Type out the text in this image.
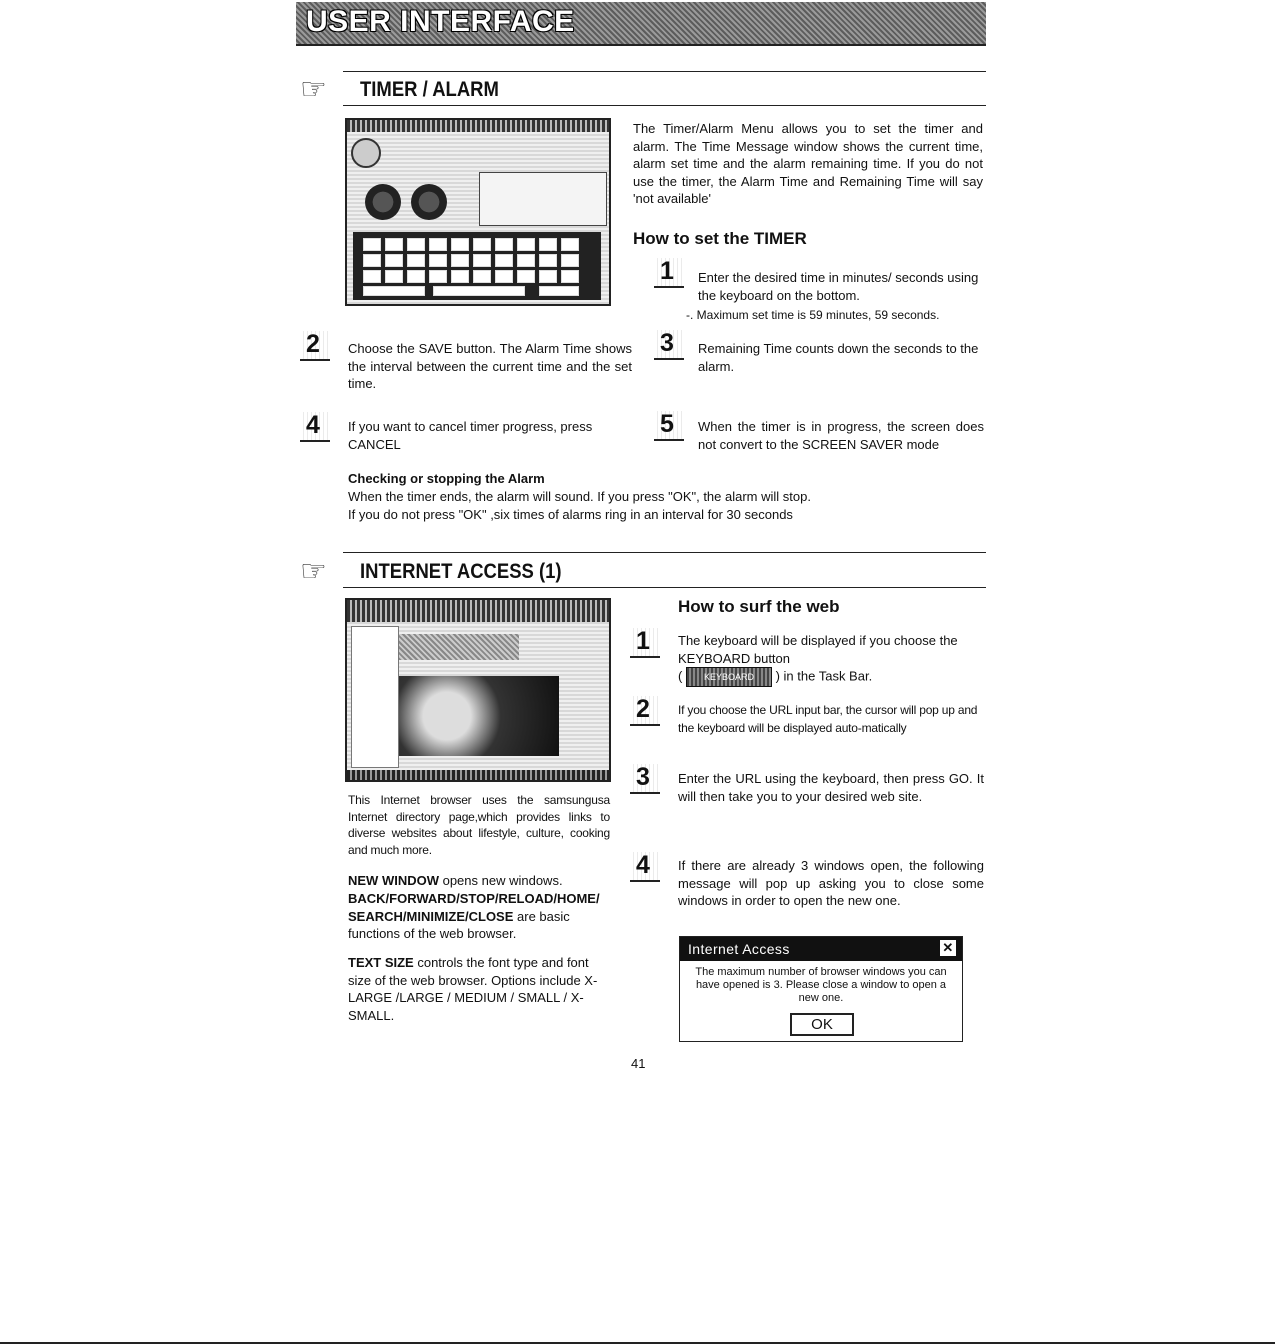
USER INTERFACE
☞ TIMER / ALARM
The Timer/Alarm Menu allows you to set the timer and alarm. The Time Message window shows the current time, alarm set time and the alarm remaining time. If you do not use the timer, the Alarm Time and Remaining Time will say 'not available'
How to set the TIMER
1	Enter the desired time in minutes/ seconds using the keyboard on the bottom.
-. Maximum set time is 59 minutes, 59 seconds.
2	Choose the SAVE button. The Alarm Time shows the interval between the current time and the set time.
3	Remaining Time counts down the seconds to the alarm.
4	If you want to cancel timer progress, press CANCEL
5	When the timer is in progress, the screen does not convert to the SCREEN SAVER mode
Checking or stopping the Alarm
When the timer ends, the alarm will sound. If you press "OK", the alarm will stop.
If you do not press "OK" ,six times of alarms ring in an interval for 30 seconds
☞ INTERNET ACCESS (1)
This Internet browser uses the samsungusa Internet directory page,which provides links to diverse websites about lifestyle, culture, cooking and much more.
NEW WINDOW opens new windows.
BACK/FORWARD/STOP/RELOAD/HOME/ SEARCH/MINIMIZE/CLOSE are basic functions of the web browser.
TEXT SIZE controls the font type and font size of the web browser. Options include X-LARGE /LARGE / MEDIUM / SMALL / X-SMALL.
How to surf the web
1	The keyboard will be displayed if you choose the KEYBOARD button
( KEYBOARD ) in the Task Bar.
2	If you choose the URL input bar, the cursor will pop up and the keyboard will be displayed auto-matically
3	Enter the URL using the keyboard, then press GO. It will then take you to your desired web site.
4	If there are already 3 windows open, the following message will pop up asking you to close some windows in order to open the new one.
Internet Access	✕
The maximum number of browser windows you can have opened is 3. Please close a window to open a new one.
OK
41
